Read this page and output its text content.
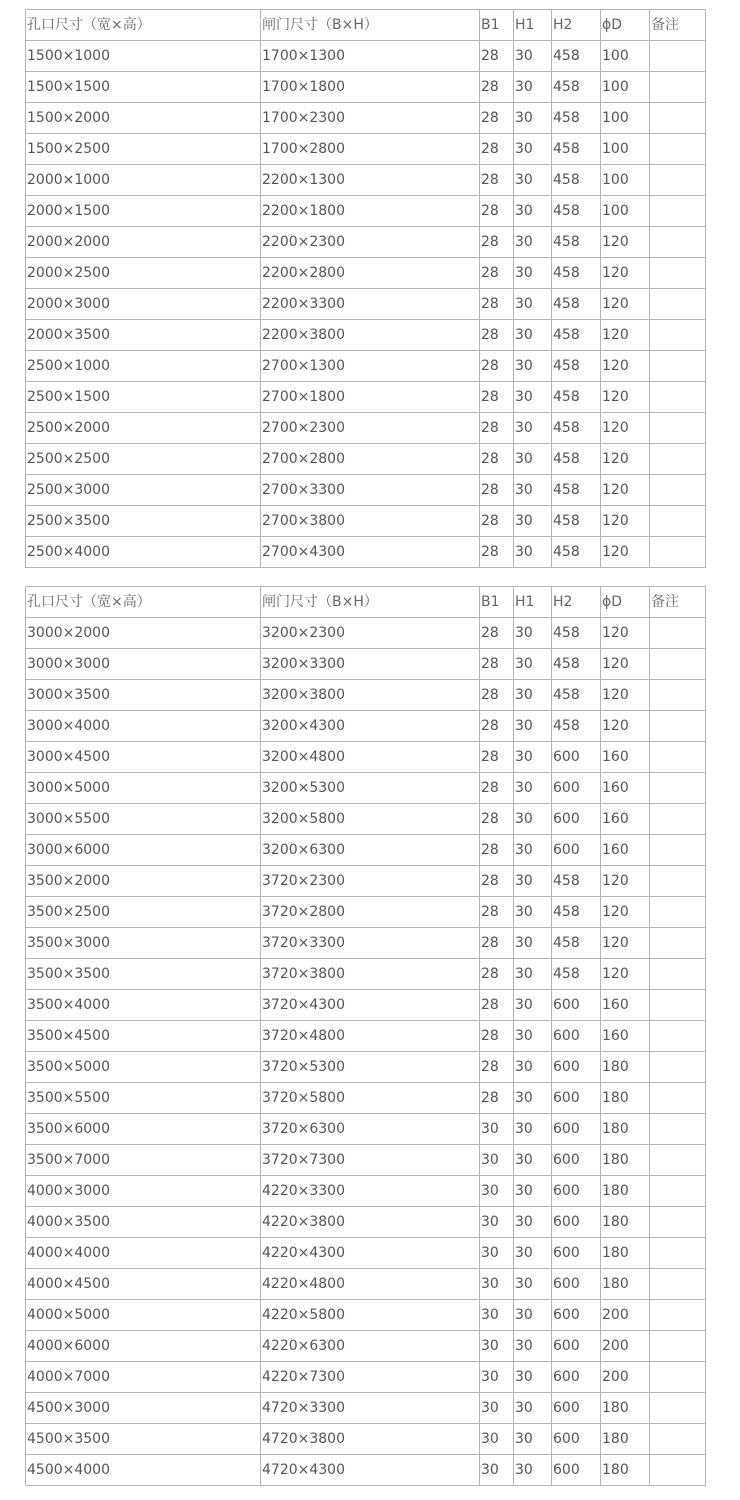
孔口尺寸（宽×高）	闸门尺寸（B×H）	B1	H1	H2	ɸD	备注
1500×1000	1700×1300	28	30	458	100	
1500×1500	1700×1800	28	30	458	100	
1500×2000	1700×2300	28	30	458	100	
1500×2500	1700×2800	28	30	458	100	
2000×1000	2200×1300	28	30	458	100	
2000×1500	2200×1800	28	30	458	100	
2000×2000	2200×2300	28	30	458	120	
2000×2500	2200×2800	28	30	458	120	
2000×3000	2200×3300	28	30	458	120	
2000×3500	2200×3800	28	30	458	120	
2500×1000	2700×1300	28	30	458	120	
2500×1500	2700×1800	28	30	458	120	
2500×2000	2700×2300	28	30	458	120	
2500×2500	2700×2800	28	30	458	120	
2500×3000	2700×3300	28	30	458	120	
2500×3500	2700×3800	28	30	458	120	
2500×4000	2700×4300	28	30	458	120	
孔口尺寸（宽×高）	闸门尺寸（B×H）	B1	H1	H2	ɸD	备注
3000×2000	3200×2300	28	30	458	120	
3000×3000	3200×3300	28	30	458	120	
3000×3500	3200×3800	28	30	458	120	
3000×4000	3200×4300	28	30	458	120	
3000×4500	3200×4800	28	30	600	160	
3000×5000	3200×5300	28	30	600	160	
3000×5500	3200×5800	28	30	600	160	
3000×6000	3200×6300	28	30	600	160	
3500×2000	3720×2300	28	30	458	120	
3500×2500	3720×2800	28	30	458	120	
3500×3000	3720×3300	28	30	458	120	
3500×3500	3720×3800	28	30	458	120	
3500×4000	3720×4300	28	30	600	160	
3500×4500	3720×4800	28	30	600	160	
3500×5000	3720×5300	28	30	600	180	
3500×5500	3720×5800	28	30	600	180	
3500×6000	3720×6300	30	30	600	180	
3500×7000	3720×7300	30	30	600	180	
4000×3000	4220×3300	30	30	600	180	
4000×3500	4220×3800	30	30	600	180	
4000×4000	4220×4300	30	30	600	180	
4000×4500	4220×4800	30	30	600	180	
4000×5000	4220×5800	30	30	600	200	
4000×6000	4220×6300	30	30	600	200	
4000×7000	4220×7300	30	30	600	200	
4500×3000	4720×3300	30	30	600	180	
4500×3500	4720×3800	30	30	600	180	
4500×4000	4720×4300	30	30	600	180	
